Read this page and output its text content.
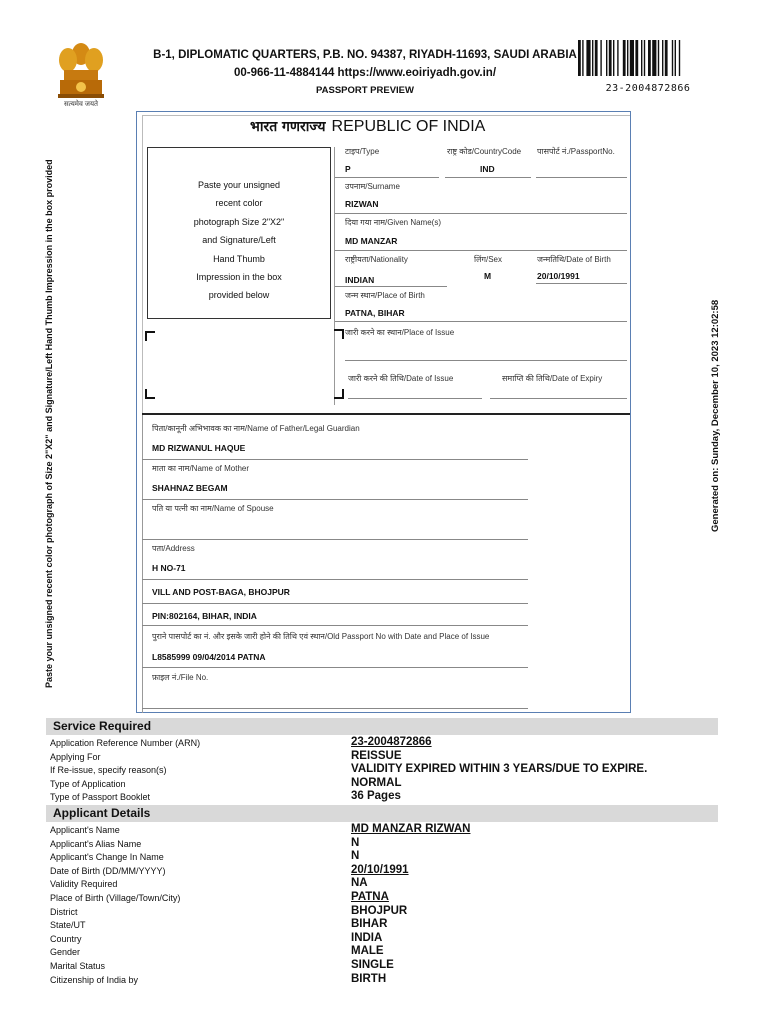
सत्यमेव जयते
B-1, DIPLOMATIC QUARTERS, P.B. NO. 94387, RIYADH-11693, SAUDI ARABIA
00-966-11-4884144 https://www.eoiriyadh.gov.in/
PASSPORT PREVIEW	23-2004872866
Paste your unsigned recent color photograph of Size 2"X2" and Signature/Left Hand Thumb Impression in the box provided	Generated on: Sunday, December 10, 2023 12:02:58
भारत गणराज्य REPUBLIC OF INDIA
Paste your unsigned
recent color
photograph Size 2"X2"
and Signature/Left
Hand Thumb
Impression in the box
provided below
टाइप/Type	राष्ट्र कोड/CountryCode पासपोर्ट नं./PassportNo.
P	IND
उपनाम/Surname
RIZWAN
दिया गया नाम/Given Name(s)
MD MANZAR
राष्ट्रीयता/Nationality	लिंग/Sex	जन्मतिथि/Date of Birth
INDIAN	M	20/10/1991
जन्म स्थान/Place of Birth
PATNA, BIHAR
जारी करने का स्थान/Place of Issue
जारी करने की तिथि/Date of Issue	समाप्ति की तिथि/Date of Expiry
पिता/कानूनी अभिभावक का नाम/Name of Father/Legal Guardian
MD RIZWANUL HAQUE
माता का नाम/Name of Mother
SHAHNAZ BEGAM
पति या पत्नी का नाम/Name of Spouse
पता/Address
H NO-71
VILL AND POST-BAGA, BHOJPUR
PIN:802164, BIHAR, INDIA
पुराने पासपोर्ट का नं. और इसके जारी होने की तिथि एवं स्थान/Old Passport No with Date and Place of Issue
L8585999 09/04/2014 PATNA
फ़ाइल नं./File No.
Service Required
Application Reference Number (ARN)	23-2004872866
Applying For	REISSUE
If Re-issue, specify reason(s)	VALIDITY EXPIRED WITHIN 3 YEARS/DUE TO EXPIRE.
Type of Application	NORMAL
Type of Passport Booklet	36 Pages
Applicant Details
Applicant's Name	MD MANZAR RIZWAN
Applicant's Alias Name	N
Applicant's Change In Name	N
Date of Birth (DD/MM/YYYY)	20/10/1991
Validity Required	NA
Place of Birth (Village/Town/City)	PATNA
District	BHOJPUR
State/UT	BIHAR
Country	INDIA
Gender	MALE
Marital Status	SINGLE
Citizenship of India by	BIRTH
